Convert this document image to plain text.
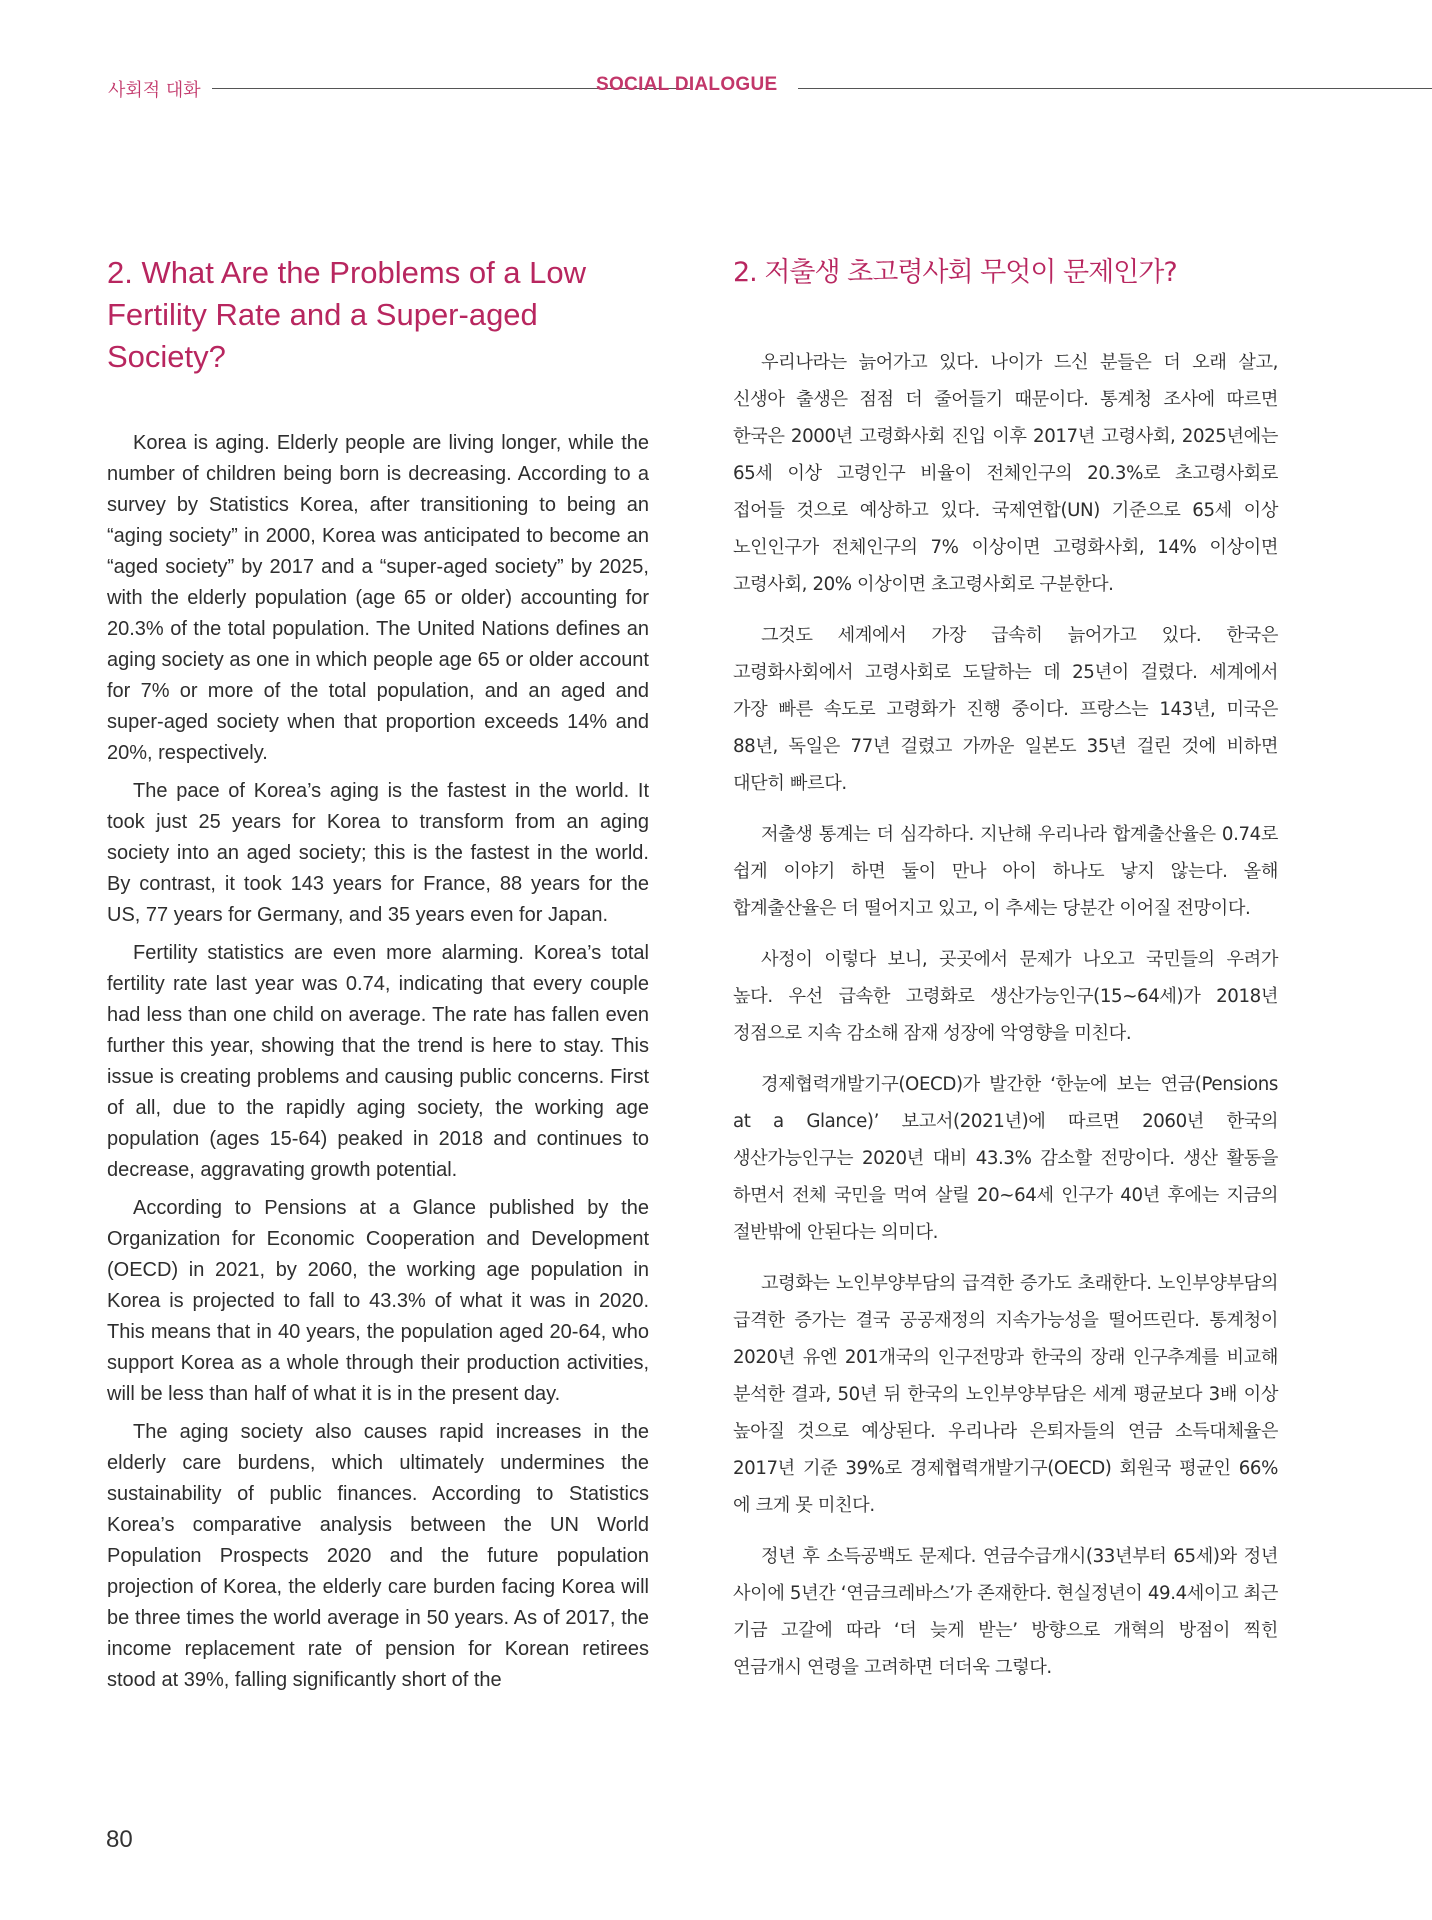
사회적 대화	SOCIAL DIALOGUE
2. What Are the Problems of a Low
Fertility Rate and a Super-aged Society?

Korea is aging. Elderly people are living longer, while the number of children being born is decreasing. According to a survey by Statistics Korea, after transitioning to being an “aging society” in 2000, Korea was anticipated to become an “aged society” by 2017 and a “super-aged society” by 2025, with the elderly population (age 65 or older) accounting for 20.3% of the total population. The United Nations defines an aging society as one in which people age 65 or older account for 7% or more of the total population, and an aged and super-aged society when that proportion exceeds 14% and 20%, respectively.

The pace of Korea’s aging is the fastest in the world. It took just 25 years for Korea to transform from an aging society into an aged society; this is the fastest in the world. By contrast, it took 143 years for France, 88 years for the US, 77 years for Germany, and 35 years even for Japan.

Fertility statistics are even more alarming. Korea’s total fertility rate last year was 0.74, indicating that every couple had less than one child on average. The rate has fallen even further this year, showing that the trend is here to stay. This issue is creating problems and causing public concerns. First of all, due to the rapidly aging society, the working age population (ages 15-64) peaked in 2018 and continues to decrease, aggravating growth potential.

According to Pensions at a Glance published by the Organization for Economic Cooperation and Development (OECD) in 2021, by 2060, the working age population in Korea is projected to fall to 43.3% of what it was in 2020. This means that in 40 years, the population aged 20-64, who support Korea as a whole through their production activities, will be less than half of what it is in the present day.

The aging society also causes rapid increases in the elderly care burdens, which ultimately undermines the sustainability of public finances. According to Statistics Korea’s comparative analysis between the UN World Population Prospects 2020 and the future population projection of Korea, the elderly care burden facing Korea will be three times the world average in 50 years. As of 2017, the income replacement rate of pension for Korean retirees stood at 39%, falling significantly short of the

2. 저출생 초고령사회 무엇이 문제인가?

우리나라는 늙어가고 있다. 나이가 드신 분들은 더 오래 살고, 신생아 출생은 점점 더 줄어들기 때문이다. 통계청 조사에 따르면 한국은 2000년 고령화사회 진입 이후 2017년 고령사회, 2025년에는 65세 이상 고령인구 비율이 전체인구의 20.3%로 초고령사회로 접어들 것으로 예상하고 있다. 국제연합(UN) 기준으로 65세 이상 노인인구가 전체인구의 7% 이상이면 고령화사회, 14% 이상이면 고령사회, 20% 이상이면 초고령사회로 구분한다.

그것도 세계에서 가장 급속히 늙어가고 있다. 한국은 고령화사회에서 고령사회로 도달하는 데 25년이 걸렸다. 세계에서 가장 빠른 속도로 고령화가 진행 중이다. 프랑스는 143년, 미국은 88년, 독일은 77년 걸렸고 가까운 일본도 35년 걸린 것에 비하면 대단히 빠르다.

저출생 통계는 더 심각하다. 지난해 우리나라 합계출산율은 0.74로 쉽게 이야기 하면 둘이 만나 아이 하나도 낳지 않는다. 올해 합계출산율은 더 떨어지고 있고, 이 추세는 당분간 이어질 전망이다.

사정이 이렇다 보니, 곳곳에서 문제가 나오고 국민들의 우려가 높다. 우선 급속한 고령화로 생산가능인구(15~64세)가 2018년 정점으로 지속 감소해 잠재 성장에 악영향을 미친다.

경제협력개발기구(OECD)가 발간한 ‘한눈에 보는 연금(Pensions at a Glance)’ 보고서(2021년)에 따르면 2060년 한국의 생산가능인구는 2020년 대비 43.3% 감소할 전망이다. 생산 활동을 하면서 전체 국민을 먹여 살릴 20~64세 인구가 40년 후에는 지금의 절반밖에 안된다는 의미다.

고령화는 노인부양부담의 급격한 증가도 초래한다. 노인부양부담의 급격한 증가는 결국 공공재정의 지속가능성을 떨어뜨린다. 통계청이 2020년 유엔 201개국의 인구전망과 한국의 장래 인구추계를 비교해 분석한 결과, 50년 뒤 한국의 노인부양부담은 세계 평균보다 3배 이상 높아질 것으로 예상된다. 우리나라 은퇴자들의 연금 소득대체율은 2017년 기준 39%로 경제협력개발기구(OECD) 회원국 평균인 66%에 크게 못 미친다.

정년 후 소득공백도 문제다. 연금수급개시(33년부터 65세)와 정년 사이에 5년간 ‘연금크레바스’가 존재한다. 현실정년이 49.4세이고 최근 기금 고갈에 따라 ‘더 늦게 받는’ 방향으로 개혁의 방점이 찍힌 연금개시 연령을 고려하면 더더욱 그렇다.

80
